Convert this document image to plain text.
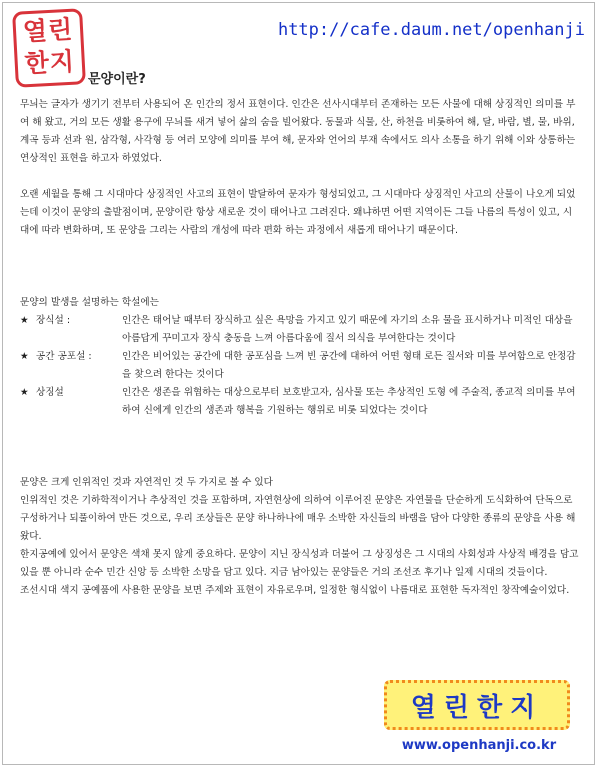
열린
한지
http://cafe.daum.net/openhanji
문양이란?

무늬는 글자가 생기기 전부터 사용되어 온 인간의 정서 표현이다. 인간은 선사시대부터 존재하는 모든 사물에 대해 상징적인 의미를 부여 해 왔고, 거의 모든 생활 용구에 무늬를 새겨 넣어 삶의 숨을 빌어왔다. 동물과 식물, 산, 하천을 비롯하여 해, 달, 바람, 별, 물, 바위, 계곡 등과 선과 원, 삼각형, 사각형 등 여러 모양에 의미를 부여 해, 문자와 언어의 부재 속에서도 의사 소통을 하기 위해 이와 상통하는 연상적인 표현을 하고자 하였었다.

오랜 세월을 통해 그 시대마다 상징적인 사고의 표현이 발달하여 문자가 형성되었고, 그 시대마다 상징적인 사고의 산물이 나오게 되었는데 이것이 문양의 출발점이며, 문양이란 항상 새로운 것이 태어나고 그려진다. 왜냐하면 어떤 지역이든 그들 나름의 특성이 있고, 시대에 따라 변화하며, 또 문양을 그리는 사람의 개성에 따라 편화 하는 과정에서 새롭게 태어나기 때문이다.

문양의 발생을 설명하는 학설에는

★ 장식설 :	인간은 태어날 때부터 장식하고 싶은 욕망을 가지고 있기 때문에 자기의 소유 물을 표시하거나 미적인 대상을 아름답게 꾸미고자 장식 충동을 느껴 아름다움에 질서 의식을 부여한다는 것이다
★ 공간 공포설 :	인간은 비어있는 공간에 대한 공포심을 느껴 빈 공간에 대하여 어떤 형태 로든 질서와 미를 부여함으로 안정감을 찾으려 한다는 것이다
★ 상징설	인간은 생존을 위협하는 대상으로부터 보호받고자, 심사물 또는 추상적인 도형 에 주술적, 종교적 의미를 부여하여 신에게 인간의 생존과 행복을 기원하는 행위로 비롯 되었다는 것이다

문양은 크게 인위적인 것과 자연적인 것 두 가지로 볼 수 있다

인위적인 것은 기하학적이거나 추상적인 것을 포함하며, 자연현상에 의하여 이루어진 문양은 자연물을 단순하게 도식화하여 단독으로 구성하거나 되풀이하여 만든 것으로, 우리 조상들은 문양 하나하나에 매우 소박한 자신들의 바램을 담아 다양한 종류의 문양을 사용 해 왔다.

한지공예에 있어서 문양은 색채 못지 않게 중요하다. 문양이 지닌 장식성과 더불어 그 상징성은 그 시대의 사회성과 사상적 배경을 담고 있을 뿐 아니라 순수 민간 신앙 등 소박한 소망을 담고 있다. 지금 남아있는 문양들은 거의 조선조 후기나 일제 시대의 것들이다.

조선시대 색지 공예품에 사용한 문양을 보면 주제와 표현이 자유로우며, 일정한 형식없이 나름대로 표현한 독자적인 창작예술이었다.

열린한지
www.openhanji.co.kr
